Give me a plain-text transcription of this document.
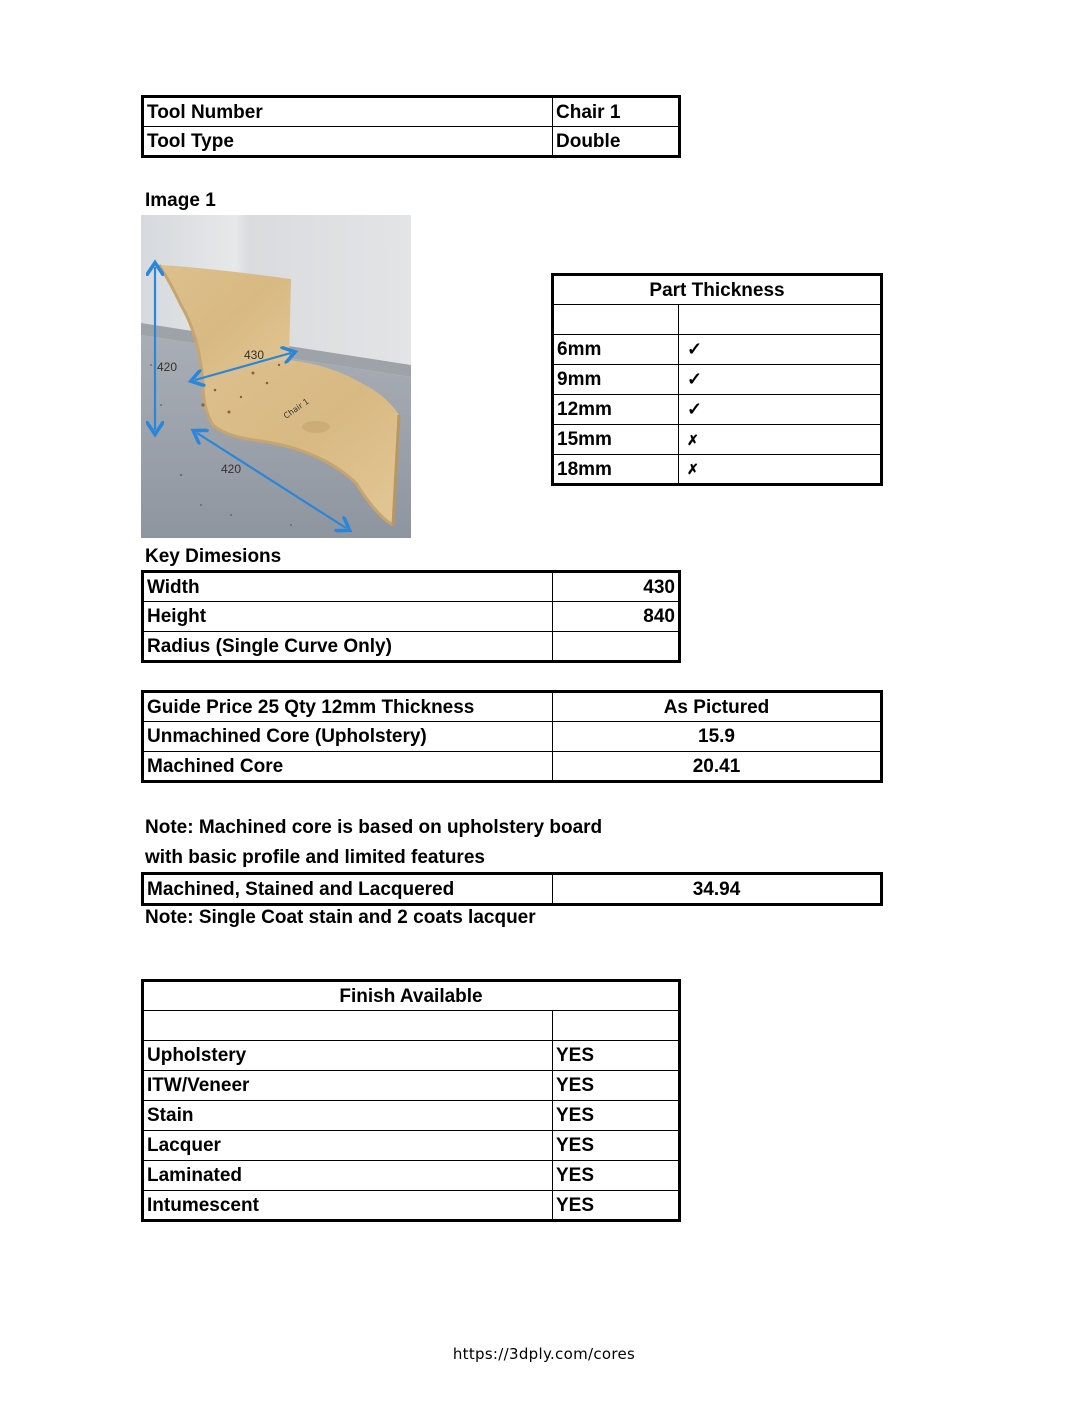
Tool Number	Chair 1
Tool Type	Double
Image 1
Chair 1
420
430
420
Part Thickness	

6mm	✓
9mm	✓
12mm	✓
15mm	✗
18mm	✗
Key Dimesions
Width	430
Height	840
Radius (Single Curve Only)	
Guide Price 25 Qty 12mm Thickness	As Pictured
Unmachined Core (Upholstery)	15.9
Machined Core	20.41
Note: Machined core is based on upholstery board
with basic profile and limited features
Machined, Stained and Lacquered	34.94
Note: Single Coat stain and 2 coats lacquer
Finish Available	

Upholstery	YES
ITW/Veneer	YES
Stain	YES
Lacquer	YES
Laminated	YES
Intumescent	YES
https://3dply.com/cores
